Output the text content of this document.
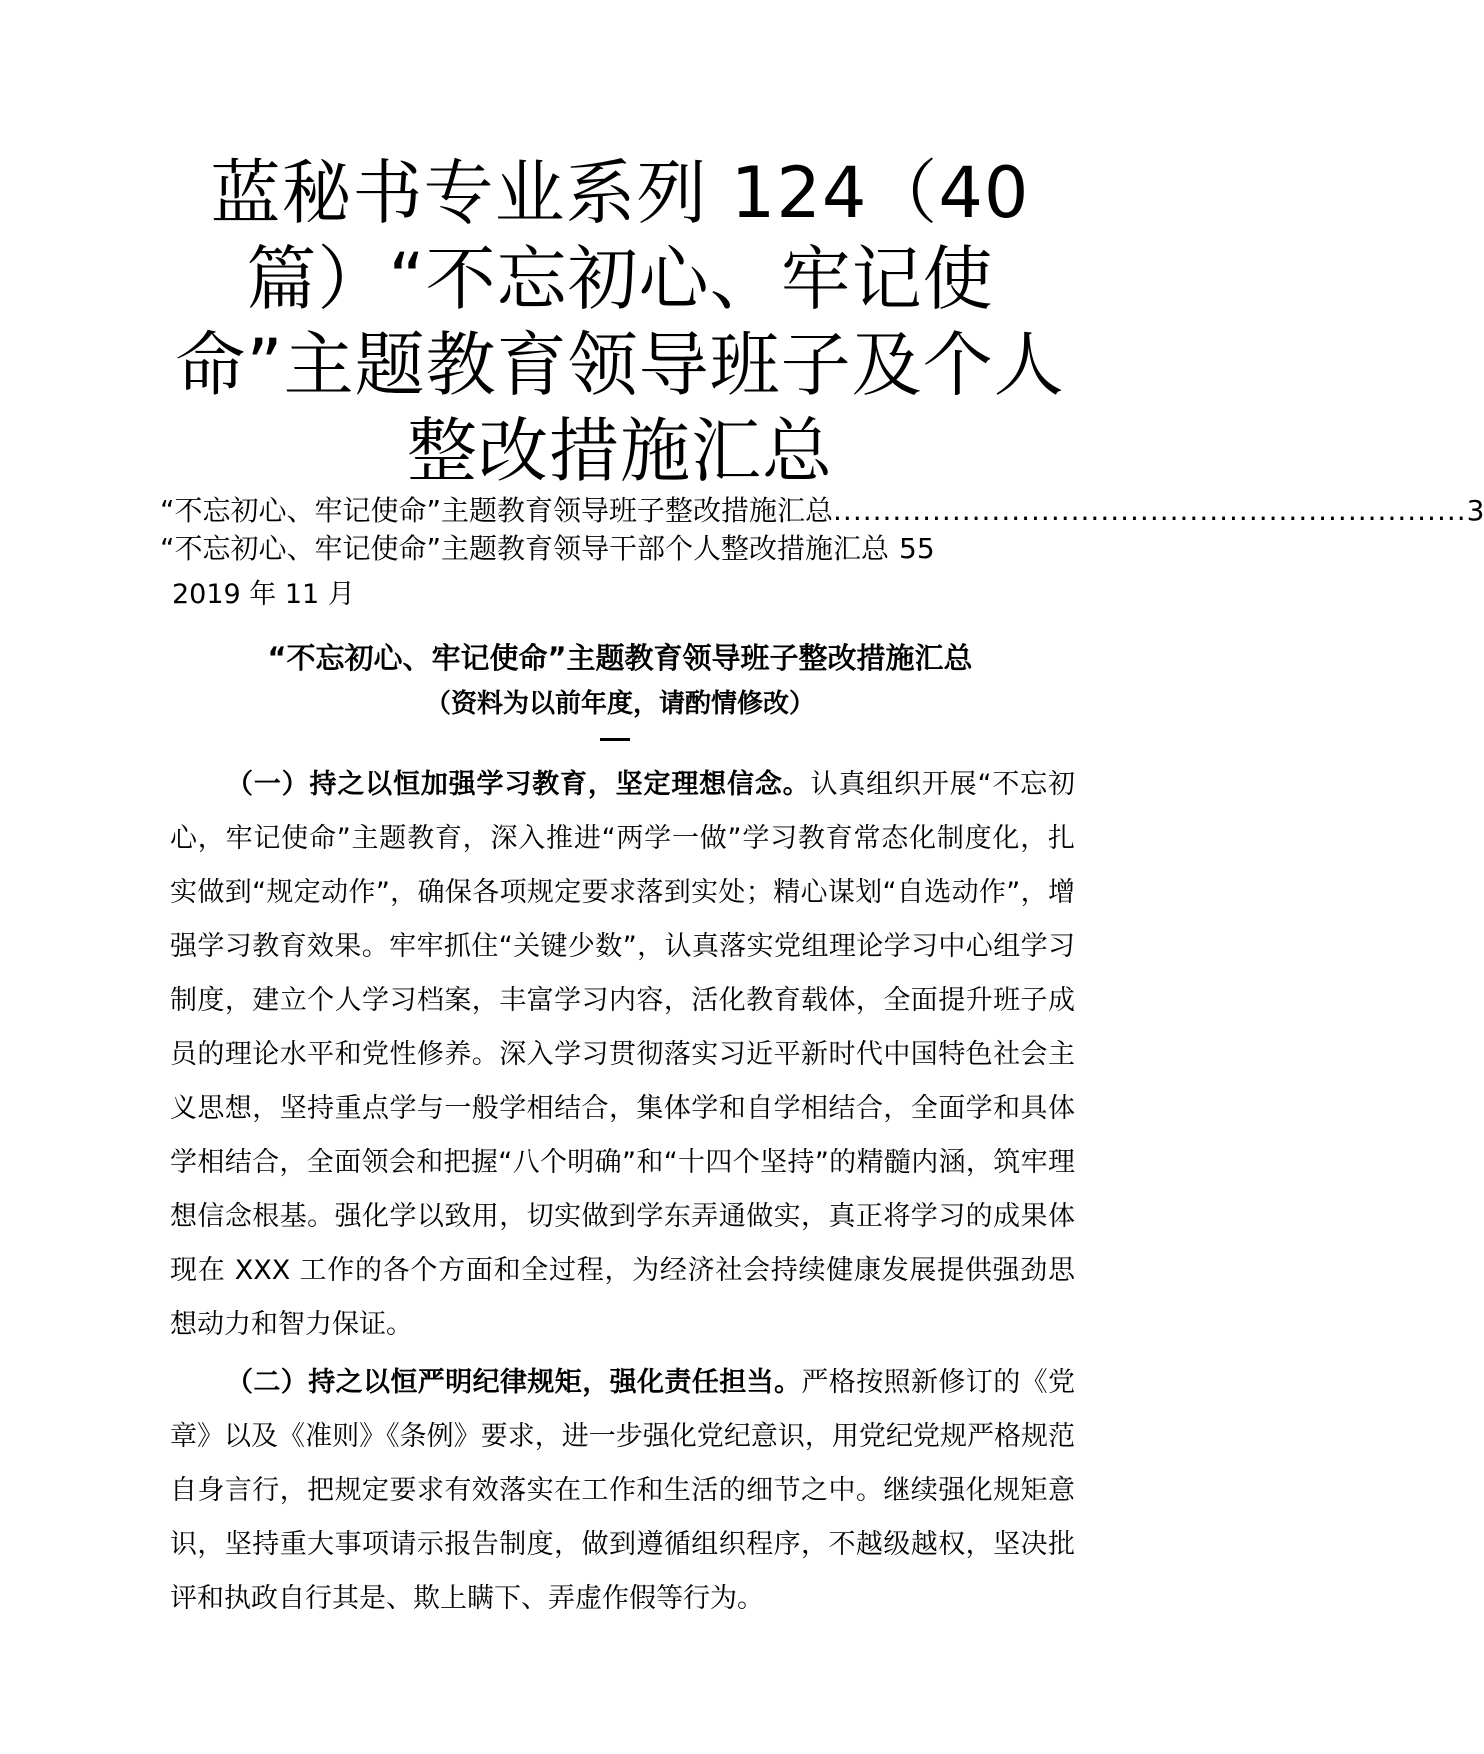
蓝秘书专业系列 124（40 篇）“不忘初心、牢记使命”主题教育领导班子及个人整改措施汇总
“不忘初心、牢记使命”主题教育领导班子整改措施汇总
.....	3
“不忘初心、牢记使命”主题教育领导干部个人整改措施汇总 55
2019 年 11 月
“不忘初心、牢记使命”主题教育领导班子整改措施汇总
（资料为以前年度，请酌情修改）

（一）持之以恒加强学习教育，坚定理想信念。认真组织开展“不忘初心，牢记使命”主题教育，深入推进“两学一做”学习教育常态化制度化，扎实做到“规定动作”，确保各项规定要求落到实处；精心谋划“自选动作”，增强学习教育效果。牢牢抓住“关键少数”，认真落实党组理论学习中心组学习制度，建立个人学习档案，丰富学习内容，活化教育载体，全面提升班子成员的理论水平和党性修养。深入学习贯彻落实习近平新时代中国特色社会主义思想，坚持重点学与一般学相结合，集体学和自学相结合，全面学和具体学相结合，全面领会和把握“八个明确”和“十四个坚持”的精髓内涵，筑牢理想信念根基。强化学以致用，切实做到学东弄通做实，真正将学习的成果体现在 XXX 工作的各个方面和全过程，为经济社会持续健康发展提供强劲思想动力和智力保证。

（二）持之以恒严明纪律规矩，强化责任担当。严格按照新修订的《党章》以及《准则》《条例》要求，进一步强化党纪意识，用党纪党规严格规范自身言行，把规定要求有效落实在工作和生活的细节之中。继续强化规矩意识，坚持重大事项请示报告制度，做到遵循组织程序，不越级越权，坚决批评和执政自行其是、欺上瞒下、弄虚作假等行为。
